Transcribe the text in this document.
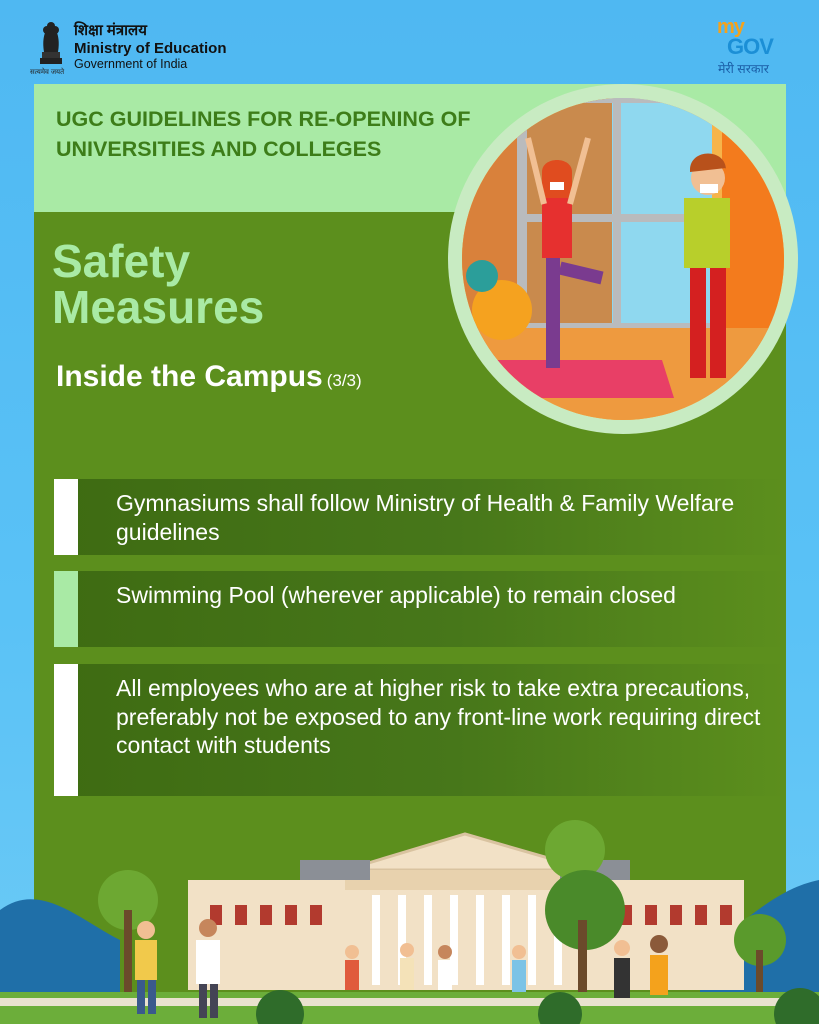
सत्यमेव जयते
शिक्षा मंत्रालय
Ministry of Education
Government of India
my
GOV
मेरी सरकार
UGC GUIDELINES FOR RE-OPENING OF UNIVERSITIES AND COLLEGES
Safety
Measures
Inside the Campus (3/3)
Gymnasiums shall follow Ministry of Health & Family Welfare guidelines
Swimming Pool (wherever applicable) to remain closed
All employees who are at higher risk to take extra precautions, preferably not be exposed to any front-line work requiring direct contact with students
